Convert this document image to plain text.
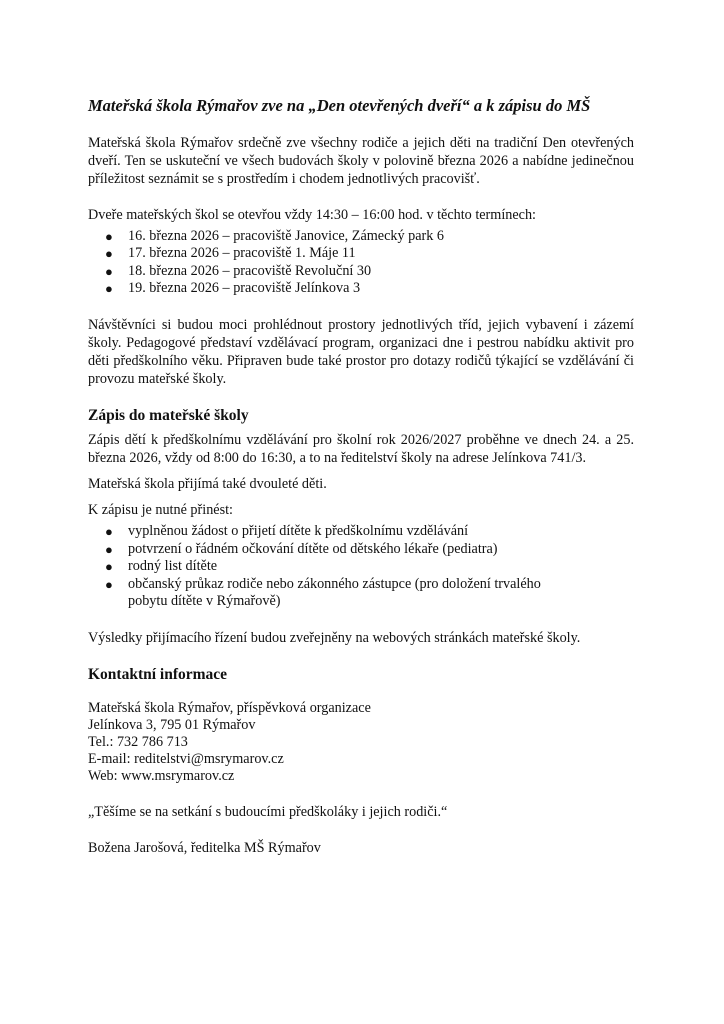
Mateřská škola Rýmařov zve na „Den otevřených dveří“ a k zápisu do MŠ

Mateřská škola Rýmařov srdečně zve všechny rodiče a jejich děti na tradiční Den otevřených dveří. Ten se uskuteční ve všech budovách školy v polovině března 2026 a nabídne jedinečnou příležitost seznámit se s prostředím i chodem jednotlivých pracovišť.

Dveře mateřských škol se otevřou vždy 14:30 – 16:00 hod. v těchto termínech:

● 16. března 2026 – pracoviště Janovice, Zámecký park 6
● 17. března 2026 – pracoviště 1. Máje 11
● 18. března 2026 – pracoviště Revoluční 30
● 19. března 2026 – pracoviště Jelínkova 3

Návštěvníci si budou moci prohlédnout prostory jednotlivých tříd, jejich vybavení i zázemí školy. Pedagogové představí vzdělávací program, organizaci dne i pestrou nabídku aktivit pro děti předškolního věku. Připraven bude také prostor pro dotazy rodičů týkající se vzdělávání či provozu mateřské školy.

Zápis do mateřské školy

Zápis dětí k předškolnímu vzdělávání pro školní rok 2026/2027 proběhne ve dnech 24. a 25. března 2026, vždy od 8:00 do 16:30, a to na ředitelství školy na adrese Jelínkova 741/3.

Mateřská škola přijímá také dvouleté děti.

K zápisu je nutné přinést:

● vyplněnou žádost o přijetí dítěte k předškolnímu vzdělávání
● potvrzení o řádném očkování dítěte od dětského lékaře (pediatra)
● rodný list dítěte
● občanský průkaz rodiče nebo zákonného zástupce (pro doložení trvalého pobytu dítěte v Rýmařově)

Výsledky přijímacího řízení budou zveřejněny na webových stránkách mateřské školy.

Kontaktní informace

Mateřská škola Rýmařov, příspěvková organizace

Jelínkova 3, 795 01 Rýmařov

Tel.: 732 786 713

E-mail: reditelstvi@msrymarov.cz

Web: www.msrymarov.cz

„Těšíme se na setkání s budoucími předškoláky i jejich rodiči.“

Božena Jarošová, ředitelka MŠ Rýmařov
